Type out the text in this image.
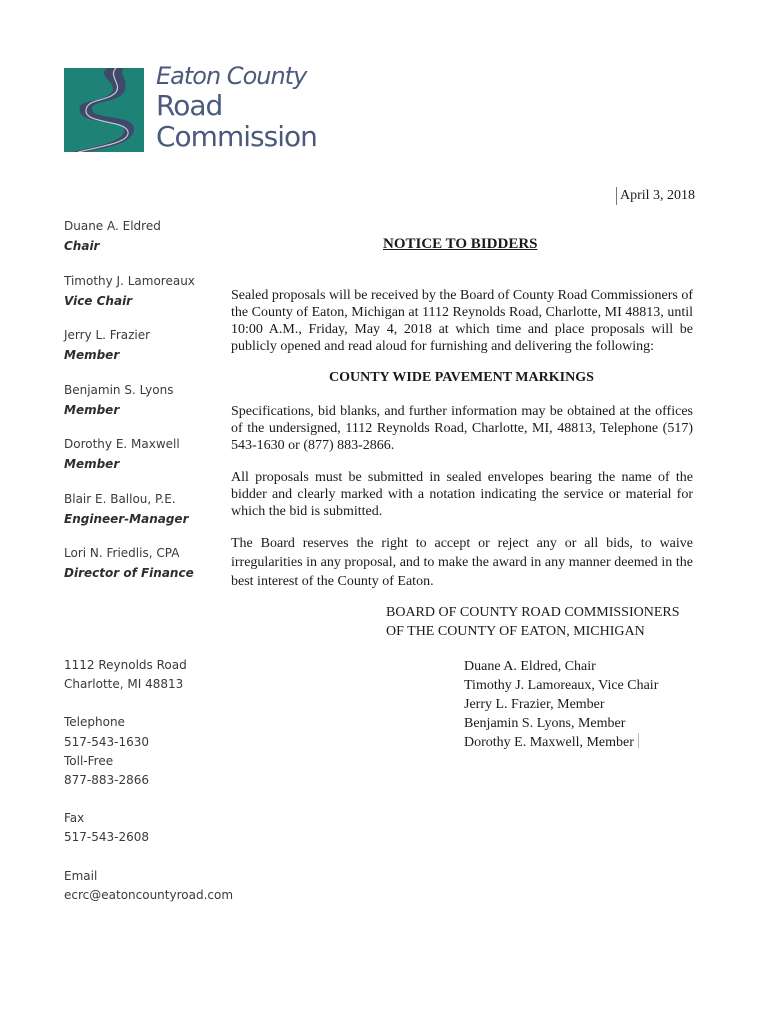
Eaton County
Road
Commission
April 3, 2018
Duane A. Eldred
Chair
Timothy J. Lamoreaux
Vice Chair
Jerry L. Frazier
Member
Benjamin S. Lyons
Member
Dorothy E. Maxwell
Member
Blair E. Ballou, P.E.
Engineer-Manager
Lori N. Friedlis, CPA
Director of Finance
1112 Reynolds Road
Charlotte, MI 48813
Telephone
517-543-1630
Toll-Free
877-883-2866
Fax
517-543-2608
Email
ecrc@eatoncountyroad.com
NOTICE TO BIDDERS

Sealed proposals will be received by the Board of County Road Commissioners of the County of Eaton, Michigan at 1112 Reynolds Road, Charlotte, MI 48813, until 10:00 A.M., Friday, May 4, 2018 at which time and place proposals will be publicly opened and read aloud for furnishing and delivering the following:

COUNTY WIDE PAVEMENT MARKINGS

Specifications, bid blanks, and further information may be obtained at the offices of the undersigned, 1112 Reynolds Road, Charlotte, MI, 48813, Telephone (517) 543-1630 or (877) 883-2866.

All proposals must be submitted in sealed envelopes bearing the name of the bidder and clearly marked with a notation indicating the service or material for which the bid is submitted.

The Board reserves the right to accept or reject any or all bids, to waive irregularities in any proposal, and to make the award in any manner deemed in the best interest of the County of Eaton.

BOARD OF COUNTY ROAD COMMISSIONERS
OF THE COUNTY OF EATON, MICHIGAN
Duane A. Eldred, Chair
Timothy J. Lamoreaux, Vice Chair
Jerry L. Frazier, Member
Benjamin S. Lyons, Member
Dorothy E. Maxwell, Member
